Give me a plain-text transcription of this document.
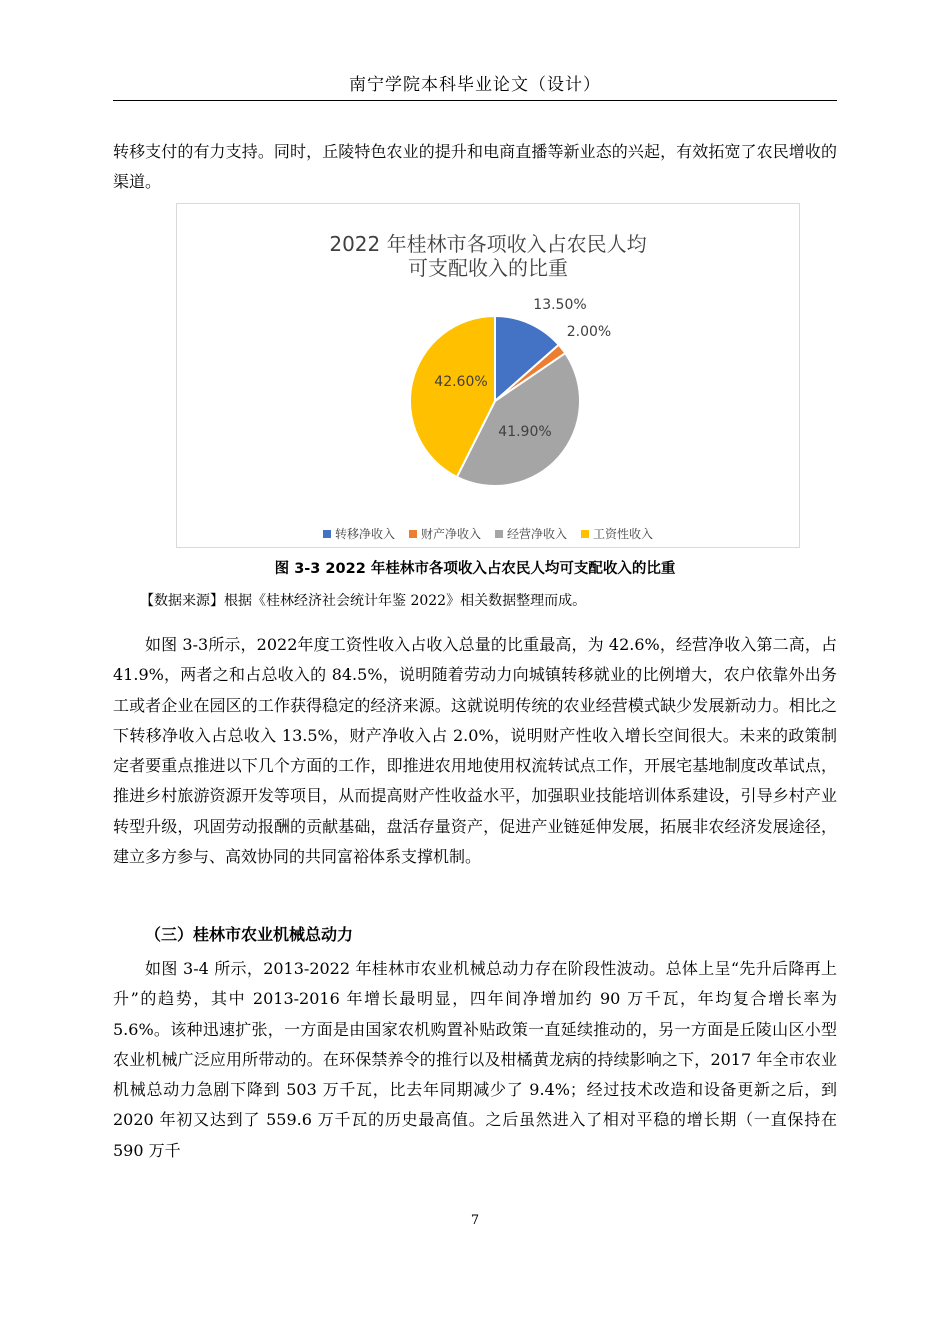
南宁学院本科毕业论文（设计）

转移支付的有力支持。同时，丘陵特色农业的提升和电商直播等新业态的兴起，有效拓宽了农民增收的渠道。

2022 年桂林市各项收入占农民人均
可支配收入的比重
13.50%
2.00%
41.90%
42.60%
转移净收入 财产净收入 经营净收入 工资性收入
图 3-3 2022 年桂林市各项收入占农民人均可支配收入的比重
【数据来源】根据《桂林经济社会统计年鉴 2022》相关数据整理而成。

如图 3-3所示，2022年度工资性收入占收入总量的比重最高，为 42.6%，经营净收入第二高，占 41.9%，两者之和占总收入的 84.5%，说明随着劳动力向城镇转移就业的比例增大，农户依靠外出务工或者企业在园区的工作获得稳定的经济来源。这就说明传统的农业经营模式缺少发展新动力。相比之下转移净收入占总收入 13.5%，财产净收入占 2.0%，说明财产性收入增长空间很大。未来的政策制定者要重点推进以下几个方面的工作，即推进农用地使用权流转试点工作，开展宅基地制度改革试点，推进乡村旅游资源开发等项目，从而提高财产性收益水平，加强职业技能培训体系建设，引导乡村产业转型升级，巩固劳动报酬的贡献基础，盘活存量资产，促进产业链延伸发展，拓展非农经济发展途径，建立多方参与、高效协同的共同富裕体系支撑机制。

（三）桂林市农业机械总动力

如图 3-4 所示，2013-2022 年桂林市农业机械总动力存在阶段性波动。总体上呈“先升后降再上升”的趋势，其中 2013-2016 年增长最明显，四年间净增加约 90 万千瓦，年均复合增长率为 5.6%。该种迅速扩张，一方面是由国家农机购置补贴政策一直延续推动的，另一方面是丘陵山区小型农业机械广泛应用所带动的。在环保禁养令的推行以及柑橘黄龙病的持续影响之下，2017 年全市农业机械总动力急剧下降到 503 万千瓦，比去年同期减少了 9.4%；经过技术改造和设备更新之后，到 2020 年初又达到了 559.6 万千瓦的历史最高值。之后虽然进入了相对平稳的增长期（一直保持在 590 万千

7
